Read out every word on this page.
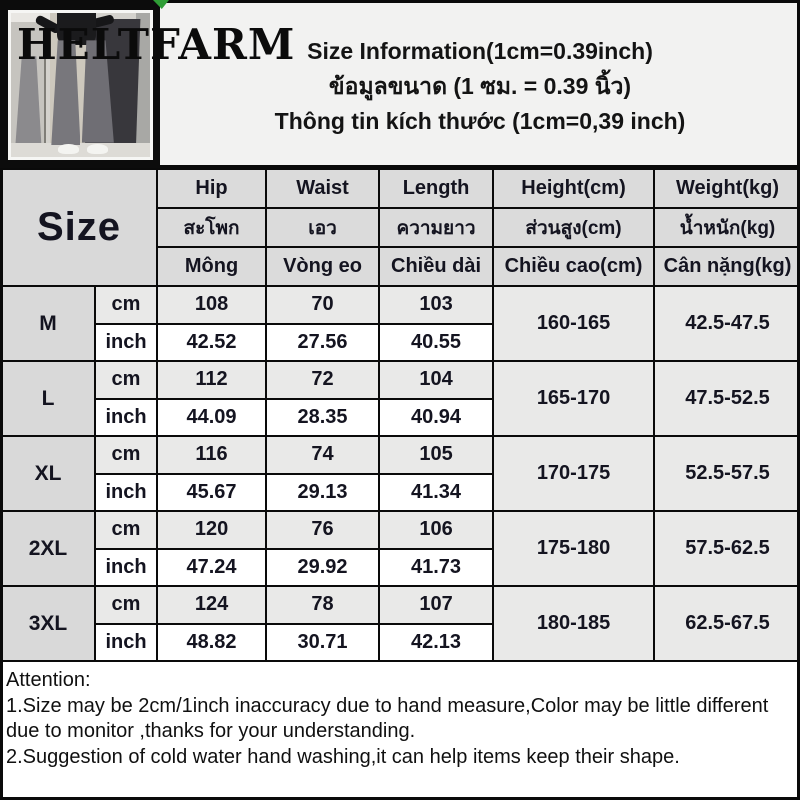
HELTFARM Size Information(1cm=0.39inch)
ข้อมูลขนาด (1 ซม. = 0.39 นิ้ว)
Thông tin kích thước (1cm=0,39 inch)
Size		Hip	Waist	Length	Height(cm)	Weight(kg)
		สะโพก	เอว	ความยาว	ส่วนสูง(cm)	น้ำหนัก(kg)
		Mông	Vòng eo	Chiều dài	Chiều cao(cm)	Cân nặng(kg)
M	cm	108	70	103	160-165	42.5-47.5
	inch	42.52	27.56	40.55		
L	cm	112	72	104	165-170	47.5-52.5
	inch	44.09	28.35	40.94		
XL	cm	116	74	105	170-175	52.5-57.5
	inch	45.67	29.13	41.34		
2XL	cm	120	76	106	175-180	57.5-62.5
	inch	47.24	29.92	41.73		
3XL	cm	124	78	107	180-185	62.5-67.5
	inch	48.82	30.71	42.13		
Attention:
1.Size may be 2cm/1inch inaccuracy due to hand measure,Color may be little different due to monitor ,thanks for your understanding.
2.Suggestion of cold water hand washing,it can help items keep their shape.
